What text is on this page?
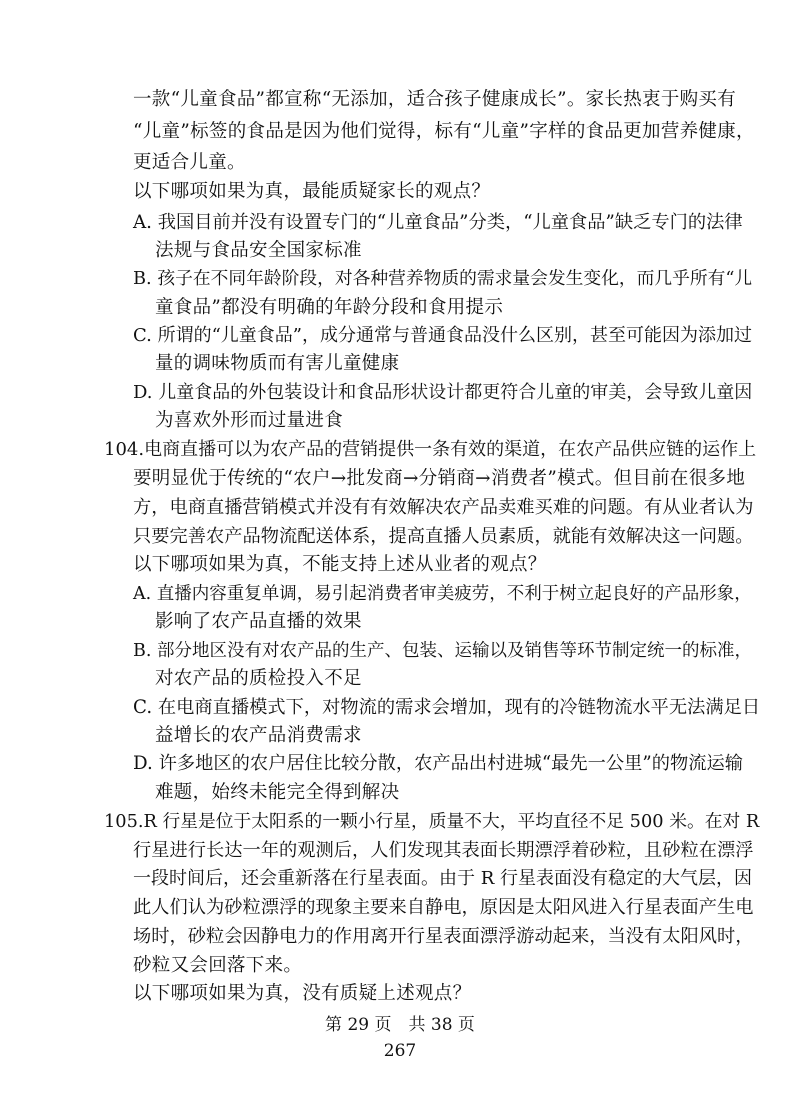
一款“儿童食品”都宣称“无添加，适合孩子健康成长”。家长热衷于购买有
“儿童”标签的食品是因为他们觉得，标有“儿童”字样的食品更加营养健康，
更适合儿童。
以下哪项如果为真，最能质疑家长的观点？
A. 我国目前并没有设置专门的“儿童食品”分类，“儿童食品”缺乏专门的法律
法规与食品安全国家标准
B. 孩子在不同年龄阶段，对各种营养物质的需求量会发生变化，而几乎所有“儿
童食品”都没有明确的年龄分段和食用提示
C. 所谓的“儿童食品”，成分通常与普通食品没什么区别，甚至可能因为添加过
量的调味物质而有害儿童健康
D. 儿童食品的外包装设计和食品形状设计都更符合儿童的审美，会导致儿童因
为喜欢外形而过量进食
104.电商直播可以为农产品的营销提供一条有效的渠道，在农产品供应链的运作上
要明显优于传统的“农户→批发商→分销商→消费者”模式。但目前在很多地
方，电商直播营销模式并没有有效解决农产品卖难买难的问题。有从业者认为
只要完善农产品物流配送体系，提高直播人员素质，就能有效解决这一问题。
以下哪项如果为真，不能支持上述从业者的观点？
A. 直播内容重复单调，易引起消费者审美疲劳，不利于树立起良好的产品形象，
影响了农产品直播的效果
B. 部分地区没有对农产品的生产、包装、运输以及销售等环节制定统一的标准，
对农产品的质检投入不足
C. 在电商直播模式下，对物流的需求会增加，现有的冷链物流水平无法满足日
益增长的农产品消费需求
D. 许多地区的农户居住比较分散，农产品出村进城“最先一公里”的物流运输
难题，始终未能完全得到解决
105.R 行星是位于太阳系的一颗小行星，质量不大，平均直径不足 500 米。在对 R
行星进行长达一年的观测后，人们发现其表面长期漂浮着砂粒，且砂粒在漂浮
一段时间后，还会重新落在行星表面。由于 R 行星表面没有稳定的大气层，因
此人们认为砂粒漂浮的现象主要来自静电，原因是太阳风进入行星表面产生电
场时，砂粒会因静电力的作用离开行星表面漂浮游动起来，当没有太阳风时，
砂粒又会回落下来。
以下哪项如果为真，没有质疑上述观点？
第 29 页　共 38 页
267
